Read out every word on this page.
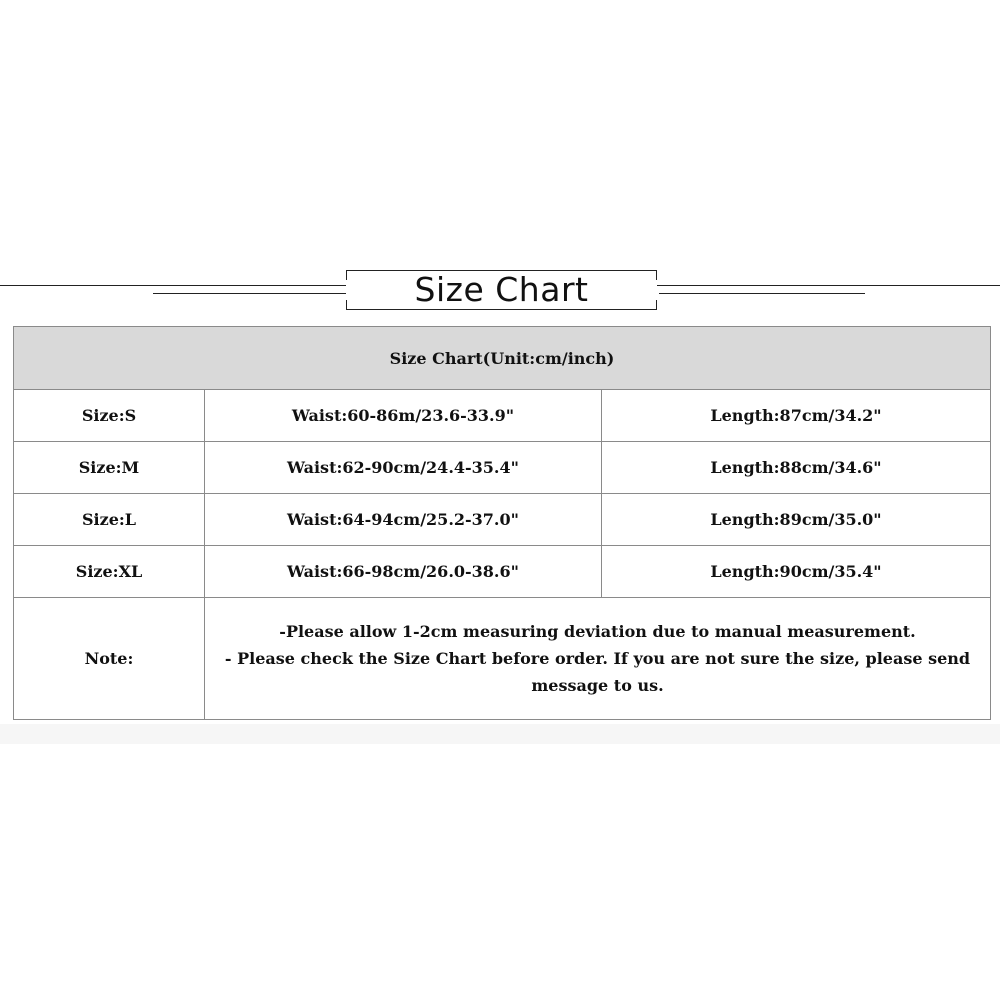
Size Chart
Size Chart(Unit:cm/inch)		
Size:S	Waist:60-86m/23.6-33.9"	Length:87cm/34.2"
Size:M	Waist:62-90cm/24.4-35.4"	Length:88cm/34.6"
Size:L	Waist:64-94cm/25.2-37.0"	Length:89cm/35.0"
Size:XL	Waist:66-98cm/26.0-38.6"	Length:90cm/35.4"
Note:	-Please allow 1-2cm measuring deviation due to manual measurement.
- Please check the Size Chart before order. If you are not sure the size, please send message to us.	
